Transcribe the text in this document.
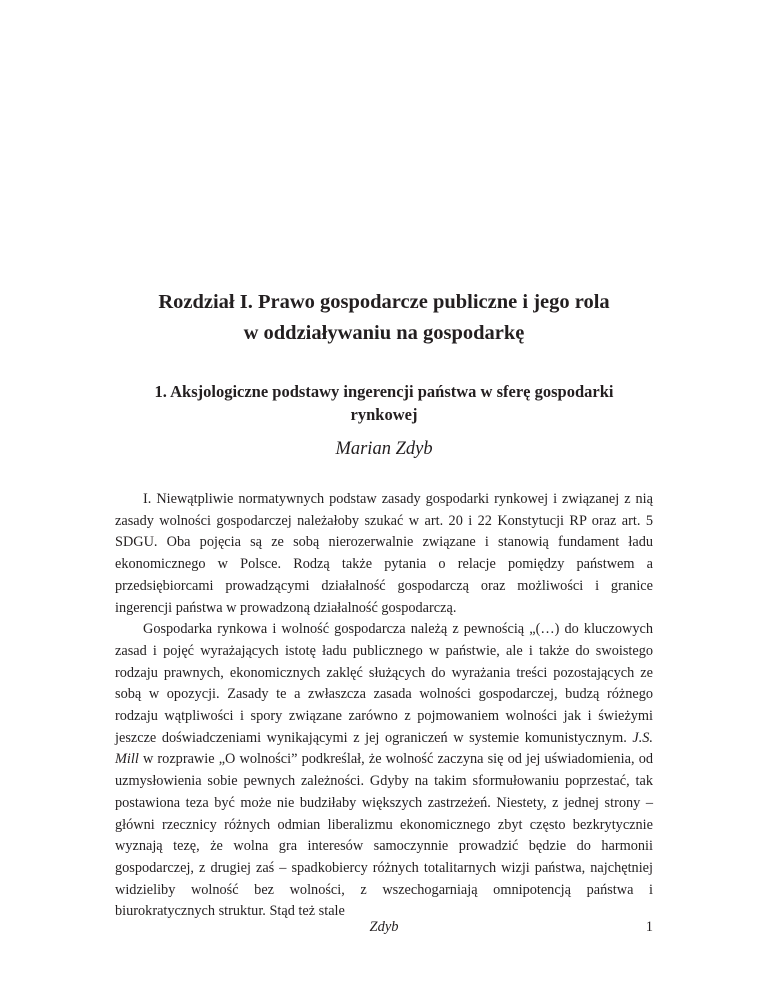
Rozdział I. Prawo gospodarcze publiczne i jego rola
w oddziaływaniu na gospodarkę
1. Aksjologiczne podstawy ingerencji państwa w sferę gospodarki
rynkowej
Marian Zdyb

I. Niewątpliwie normatywnych podstaw zasady gospodarki rynkowej i związanej z nią zasady wolności gospodarczej należałoby szukać w art. 20 i 22 Konstytucji RP oraz art. 5 SDGU. Oba pojęcia są ze sobą nierozerwalnie związane i stanowią fundament ładu ekonomicznego w Polsce. Rodzą także pytania o relacje pomiędzy państwem a przedsiębiorcami prowadzącymi działalność gospodarczą oraz możliwości i granice ingerencji państwa w prowadzoną działalność gospodarczą.

Gospodarka rynkowa i wolność gospodarcza należą z pewnością „(…) do kluczowych zasad i pojęć wyrażających istotę ładu publicznego w państwie, ale i także do swoistego rodzaju prawnych, ekonomicznych zaklęć służących do wyrażania treści pozostających ze sobą w opozycji. Zasady te a zwłaszcza zasada wolności gospodarczej, budzą różnego rodzaju wątpliwości i spory związane zarówno z pojmowaniem wolności jak i świeżymi jeszcze doświadczeniami wynikającymi z jej ograniczeń w systemie komunistycznym. J.S. Mill w rozprawie „O wolności” podkreślał, że wolność zaczyna się od jej uświadomienia, od uzmysłowienia sobie pewnych zależności. Gdyby na takim sformułowaniu poprzestać, tak postawiona teza być może nie budziłaby większych zastrzeżeń. Niestety, z jednej strony – główni rzecznicy różnych odmian liberalizmu ekonomicznego zbyt często bezkrytycznie wyznają tezę, że wolna gra interesów samoczynnie prowadzić będzie do harmonii gospodarczej, z drugiej zaś – spadkobiercy różnych totalitarnych wizji państwa, najchętniej widzieliby wolność bez wolności, z wszechogarniają omnipotencją państwa i biurokratycznych struktur. Stąd też stale

Zdyb	1
